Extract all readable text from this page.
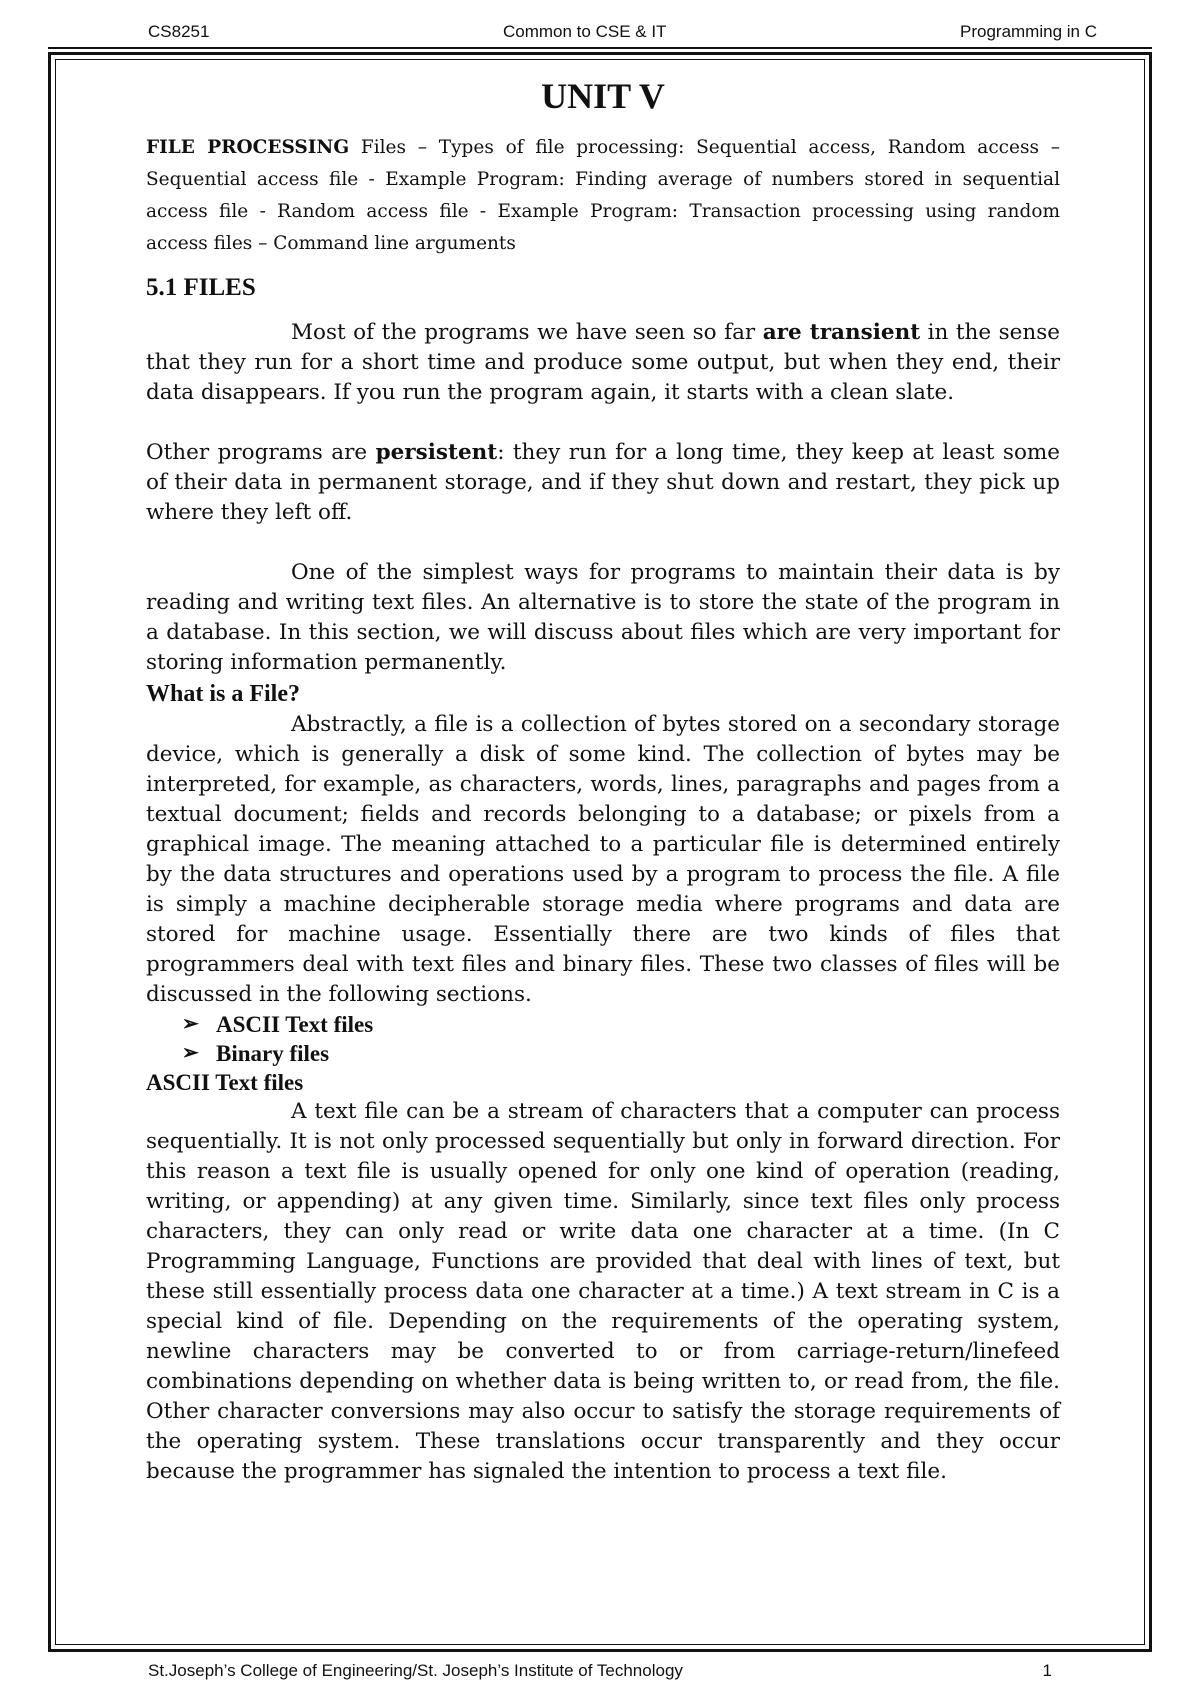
CS8251	Common to CSE & IT	Programming in C
UNIT V

FILE PROCESSING Files – Types of file processing: Sequential access, Random access – Sequential access file - Example Program: Finding average of numbers stored in sequential access file - Random access file - Example Program: Transaction processing using random access files – Command line arguments

5.1 FILES

Most of the programs we have seen so far are transient in the sense that they run for a short time and produce some output, but when they end, their data disappears. If you run the program again, it starts with a clean slate.

Other programs are persistent: they run for a long time, they keep at least some of their data in permanent storage, and if they shut down and restart, they pick up where they left off.

One of the simplest ways for programs to maintain their data is by reading and writing text files. An alternative is to store the state of the program in a database. In this section, we will discuss about files which are very important for storing information permanently.

What is a File?

Abstractly, a file is a collection of bytes stored on a secondary storage device, which is generally a disk of some kind. The collection of bytes may be interpreted, for example, as characters, words, lines, paragraphs and pages from a textual document; fields and records belonging to a database; or pixels from a graphical image. The meaning attached to a particular file is determined entirely by the data structures and operations used by a program to process the file. A file is simply a machine decipherable storage media where programs and data are stored for machine usage. Essentially there are two kinds of files that programmers deal with text files and binary files. These two classes of files will be discussed in the following sections.

➢ ASCII Text files
➢ Binary files
ASCII Text files

A text file can be a stream of characters that a computer can process sequentially. It is not only processed sequentially but only in forward direction. For this reason a text file is usually opened for only one kind of operation (reading, writing, or appending) at any given time. Similarly, since text files only process characters, they can only read or write data one character at a time. (In C Programming Language, Functions are provided that deal with lines of text, but these still essentially process data one character at a time.) A text stream in C is a special kind of file. Depending on the requirements of the operating system, newline characters may be converted to or from carriage-return/linefeed combinations depending on whether data is being written to, or read from, the file. Other character conversions may also occur to satisfy the storage requirements of the operating system. These translations occur transparently and they occur because the programmer has signaled the intention to process a text file.

St.Joseph’s College of Engineering/St. Joseph’s Institute of Technology	1
